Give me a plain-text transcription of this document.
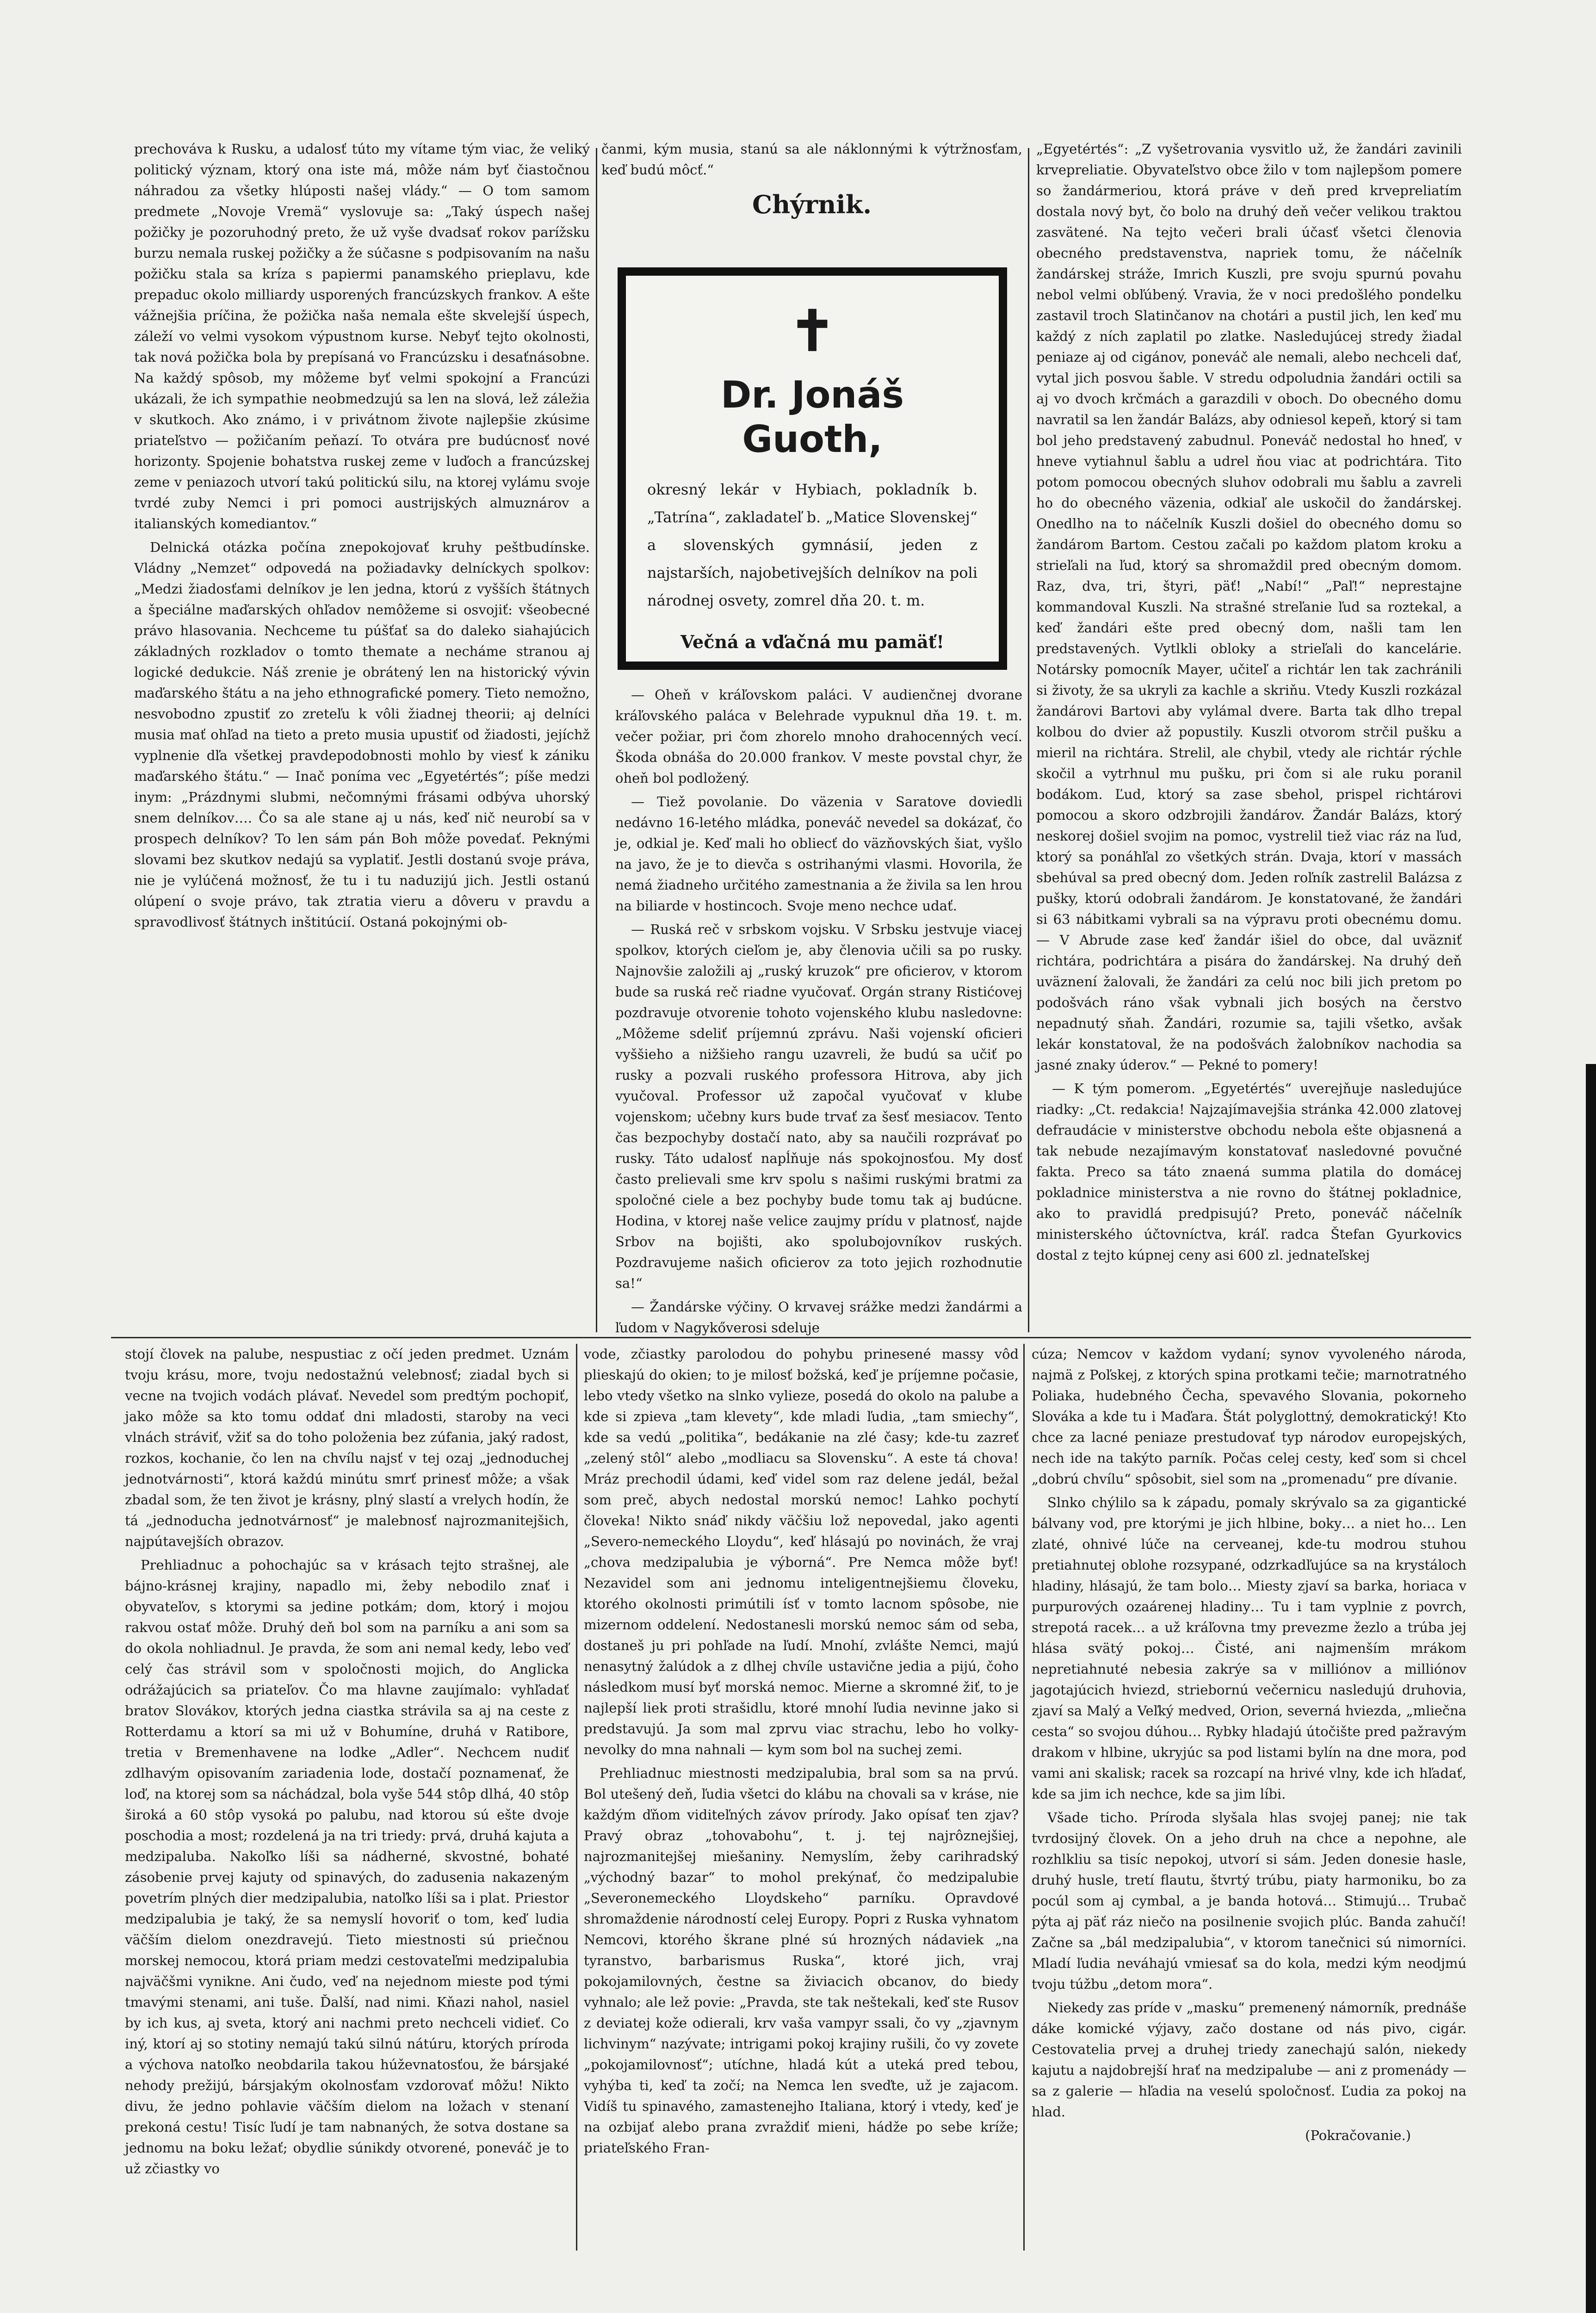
prechováva k Rusku, a udalosť túto my vítame tým viac, že veliký politický význam, ktorý ona iste má, môže nám byť čiastočnou náhradou za všetky hlúposti našej vlády.“ — O tom samom predmete „Novoje Vremä“ vyslovuje sa: „Taký úspech našej požičky je pozoruhodný preto, že už vyše dvadsať rokov parížsku burzu nemala ruskej požičky a že súčasne s podpisovaním na našu požičku stala sa kríza s papiermi panamského prieplavu, kde prepaduc okolo milliardy usporených francúzskych frankov. A ešte vážnejšia príčina, že požička naša nemala ešte skvelejší úspech, záleží vo velmi vysokom výpustnom kurse. Nebyť tejto okolnosti, tak nová požička bola by prepísaná vo Francúzsku i desaťnásobne. Na každý spôsob, my môžeme byť velmi spokojní a Francúzi ukázali, že ich sympathie neobmedzujú sa len na slová, lež záležia v skutkoch. Ako známo, i v privátnom živote najlepšie zkúsime priateľstvo — požičaním peňazí. To otvára pre budúcnosť nové horizonty. Spojenie bohatstva ruskej zeme v luďoch a francúzskej zeme v peniazoch utvorí takú politickú silu, na ktorej vylámu svoje tvrdé zuby Nemci i pri pomoci austrijských almuznárov a italianských komediantov.“

Delnická otázka počína znepokojovať kruhy peštbudínske. Vládny „Nemzet“ odpovedá na požiadavky delníckych spolkov: „Medzi žiadosťami delníkov je len jedna, ktorú z vyšších štátnych a špeciálne maďarských ohľadov nemôžeme si osvojiť: všeobecné právo hlasovania. Nechceme tu púšťať sa do daleko siahajúcich základných rozkladov o tomto themate a necháme stranou aj logické dedukcie. Náš zrenie je obrátený len na historický vývin maďarského štátu a na jeho ethnografické pomery. Tieto nemožno, nesvobodno zpustiť zo zreteľu k vôli žiadnej theorii; aj delníci musia mať ohľad na tieto a preto musia upustiť od žiadosti, jejíchž vyplnenie dľa všetkej pravdepodobnosti mohlo by viesť k zániku maďarského štátu.“ — Inač poníma vec „Egyetértés“; píše medzi inym: „Prázdnymi slubmi, nečomnými frásami odbýva uhorský snem delníkov…. Čo sa ale stane aj u nás, keď nič neurobí sa v prospech delníkov? To len sám pán Boh môže povedať. Peknými slovami bez skutkov nedajú sa vyplatiť. Jestli dostanú svoje práva, nie je vylúčená možnosť, že tu i tu naduzijú jich. Jestli ostanú olúpení o svoje právo, tak ztratia vieru a dôveru v pravdu a spravodlivosť štátnych inštitúcií. Ostaná pokojnými ob-

čanmi, kým musia, stanú sa ale náklonnými k výtržnosťam, keď budú môcť.“

Chýrnik.
✝
Dr. Jonáš Guoth,
okresný lekár v Hybiach, pokladník b. „Tatrína“, zakladateľ b. „Matice Slovenskej“ a slovenských gymnásií, jeden z najstarších, najobetivejších delníkov na poli národnej osvety, zomrel dňa 20. t. m.
Večná a vďačná mu pamäť!

— Oheň v kráľovskom paláci. V audienčnej dvorane kráľovského paláca v Belehrade vypuknul dňa 19. t. m. večer požiar, pri čom zhorelo mnoho drahocenných vecí. Škoda obnáša do 20.000 frankov. V meste povstal chyr, že oheň bol podložený.

— Tiež povolanie. Do väzenia v Saratove doviedli nedávno 16-letého mládka, poneváč nevedel sa dokázať, čo je, odkial je. Keď mali ho obliecť do väzňovských šiat, vyšlo na javo, že je to dievča s ostrihanými vlasmi. Hovorila, že nemá žiadneho určitého zamestnania a že živila sa len hrou na biliarde v hostincoch. Svoje meno nechce udať.

— Ruská reč v srbskom vojsku. V Srbsku jestvuje viacej spolkov, ktorých cieľom je, aby členovia učili sa po rusky. Najnovšie založili aj „ruský kruzok“ pre oficierov, v ktorom bude sa ruská reč riadne vyučovať. Orgán strany Ristićovej pozdravuje otvorenie tohoto vojenského klubu nasledovne: „Môžeme sdeliť príjemnú zprávu. Naši vojenskí oficieri vyššieho a nižšieho rangu uzavreli, že budú sa učiť po rusky a pozvali ruského professora Hitrova, aby jich vyučoval. Professor už započal vyučovať v klube vojenskom; učebny kurs bude trvať za šesť mesiacov. Tento čas bezpochyby dostačí nato, aby sa naučili rozprávať po rusky. Táto udalosť napĺňuje nás spokojnosťou. My dosť často prelievali sme krv spolu s našimi ruskými bratmi za spoločné ciele a bez pochyby bude tomu tak aj budúcne. Hodina, v ktorej naše velice zaujmy prídu v platnosť, najde Srbov na bojišti, ako spolubojovníkov ruských. Pozdravujeme našich oficierov za toto jejich rozhodnutie sa!“

— Žandárske výčiny. O krvavej srážke medzi žandármi a ľudom v Nagykőverosi sdeluje

„Egyetértés“: „Z vyšetrovania vysvitlo už, že žandári zavinili krvepreliatie. Obyvateľstvo obce žilo v tom najlepšom pomere so žandármeriou, ktorá práve v deň pred krvepreliatím dostala nový byt, čo bolo na druhý deň večer velikou traktou zasvätené. Na tejto večeri brali účasť všetci členovia obecného predstavenstva, napriek tomu, že náčelník žandárskej stráže, Imrich Kuszli, pre svoju spurnú povahu nebol velmi obľúbený. Vravia, že v noci predošlého pondelku zastavil troch Slatinčanov na chotári a pustil jich, len keď mu každý z ních zaplatil po zlatke. Nasledujúcej stredy žiadal peniaze aj od cigánov, poneváč ale nemali, alebo nechceli dať, vytal jich posvou šable. V stredu odpoludnia žandári octili sa aj vo dvoch krčmách a garazdili v oboch. Do obecného domu navratil sa len žandár Balázs, aby odniesol kepeň, ktorý si tam bol jeho predstavený zabudnul. Poneváč nedostal ho hneď, v hneve vytiahnul šablu a udrel ňou viac at podrichtára. Tito potom pomocou obecných sluhov odobrali mu šablu a zavreli ho do obecného väzenia, odkiaľ ale uskočil do žandárskej. Onedlho na to náčelník Kuszli došiel do obecného domu so žandárom Bartom. Cestou začali po každom platom kroku a strieľali na ľud, ktorý sa shromaždil pred obecným domom. Raz, dva, tri, štyri, päť! „Nabí!“ „Paľ!“ neprestajne kommandoval Kuszli. Na strašné streľanie ľud sa roztekal, a keď žandári ešte pred obecný dom, našli tam len predstavených. Vytlkli obloky a strieľali do kancelárie. Notársky pomocník Mayer, učiteľ a richtár len tak zachránili si životy, že sa ukryli za kachle a skriňu. Vtedy Kuszli rozkázal žandárovi Bartovi aby vylámal dvere. Barta tak dlho trepal kolbou do dvier až popustily. Kuszli otvorom strčil pušku a mieril na richtára. Strelil, ale chybil, vtedy ale richtár rýchle skočil a vytrhnul mu pušku, pri čom si ale ruku poranil bodákom. Ľud, ktorý sa zase sbehol, prispel richtárovi pomocou a skoro odzbrojili žandárov. Žandár Balázs, ktorý neskorej došiel svojim na pomoc, vystrelil tiež viac ráz na ľud, ktorý sa ponáhľal zo všetkých strán. Dvaja, ktorí v massách sbehúval sa pred obecný dom. Jeden roľník zastrelil Balázsa z pušky, ktorú odobrali žandárom. Je konstatované, že žandári si 63 nábitkami vybrali sa na výpravu proti obecnému domu. — V Abrude zase keď žandár išiel do obce, dal uväzniť richtára, podrichtára a pisára do žandárskej. Na druhý deň uväznení žalovali, že žandári za celú noc bili jich pretom po podošvách ráno však vybnali jich bosých na čerstvo nepadnutý sňah. Žandári, rozumie sa, tajili všetko, avšak lekár konstatoval, že na podošvách žalobníkov nachodia sa jasné znaky úderov.“ — Pekné to pomery!

— K tým pomerom. „Egyetértés“ uverejňuje nasledujúce riadky: „Ct. redakcia! Najzajímavejšia stránka 42.000 zlatovej defraudácie v ministerstve obchodu nebola ešte objasnená a tak nebude nezajímavým konstatovať nasledovné povučné fakta. Preco sa táto znaená summa platila do domácej pokladnice ministerstva a nie rovno do štátnej pokladnice, ako to pravidlá predpisujú? Preto, poneváč náčelník ministerského účtovníctva, kráľ. radca Štefan Gyurkovics dostal z tejto kúpnej ceny asi 600 zl. jednateľskej

stojí človek na palube, nespustiac z očí jeden predmet. Uznám tvoju krásu, more, tvoju nedostažnú velebnosť; ziadal bych si vecne na tvojich vodách plávať. Nevedel som predtým pochopiť, jako môže sa kto tomu oddať dni mladosti, staroby na veci vlnách stráviť, vžiť sa do toho položenia bez zúfania, jaký radost, rozkos, kochanie, čo len na chvílu najsť v tej ozaj „jednoduchej jednotvárnosti“, ktorá každú minútu smrť prinesť môže; a však zbadal som, že ten život je krásny, plný slastí a vrelych hodín, že tá „jednoducha jednotvárnosť“ je malebnosť najrozmanitejšich, najpútavejších obrazov.

Prehliadnuc a pohochajúc sa v krásach tejto strašnej, ale bájno-krásnej krajiny, napadlo mi, žeby nebodilo znať i obyvateľov, s ktorymi sa jedine potkám; dom, ktorý i mojou rakvou ostať môže. Druhý deň bol som na parníku a ani som sa do okola nohliadnul. Je pravda, že som ani nemal kedy, lebo veď celý čas strávil som v spoločnosti mojich, do Anglicka odrážajúcich sa priateľov. Čo ma hlavne zaujímalo: vyhľadať bratov Slovákov, ktorých jedna ciastka strávila sa aj na ceste z Rotterdamu a ktorí sa mi už v Bohumíne, druhá v Ratibore, tretia v Bremenhavene na lodke „Adler“. Nechcem nudiť zdlhavým opisovaním zariadenia lode, dostačí poznamenať, že loď, na ktorej som sa náchádzal, bola vyše 544 stôp dlhá, 40 stôp široká a 60 stôp vysoká po palubu, nad ktorou sú ešte dvoje poschodia a most; rozdelená ja na tri triedy: prvá, druhá kajuta a medzipaluba. Nakoľko líši sa nádherné, skvostné, bohaté zásobenie prvej kajuty od spinavých, do zadusenia nakazeným povetrím plných dier medzipalubia, natoľko líši sa i plat. Priestor medzipalubia je taký, že sa nemyslí hovoriť o tom, keď ludia väčším dielom onezdravejú. Tieto miestnosti sú priečnou morskej nemocou, ktorá priam medzi cestovateľmi medzipalubia najväčšmi vynikne. Ani čudo, veď na nejednom mieste pod tými tmavými stenami, ani tuše. Ďalší, nad nimi. Kňazi nahol, nasiel by ich kus, aj sveta, ktorý ani nachmi preto nechceli vidieť. Co iný, ktorí aj so stotiny nemajú takú silnú nátúru, ktorých príroda a výchova natoľko neobdarila takou húževnatosťou, že bársjaké nehody prežijú, bársjakým okolnosťam vzdorovať môžu! Nikto divu, že jedno pohlavie väčším dielom na ložach v stenaní prekoná cestu! Tisíc ľudí je tam nabnaných, že sotva dostane sa jednomu na boku ležať; obydlie súnikdy otvorené, poneváč je to už zčiastky vo

vode, zčiastky parolodou do pohybu prinesené massy vôd plieskajú do okien; to je milosť božská, keď je príjemne počasie, lebo vtedy všetko na slnko vylieze, posedá do okolo na palube a kde si zpieva „tam klevety“, kde mladi ľudia, „tam smiechy“, kde sa vedú „politika“, bedákanie na zlé časy; kde-tu zazreť „zelený stôl“ alebo „modliacu sa Slovensku“. A este tá chova! Mráz prechodil údami, keď videl som raz delene jedál, bežal som preč, abych nedostal morskú nemoc! Lahko pochytí človeka! Nikto snáď nikdy väčšiu lož nepovedal, jako agenti „Severo-nemeckého Lloydu“, keď hlásajú po novinách, že vraj „chova medzipalubia je výborná“. Pre Nemca môže byť! Nezavidel som ani jednomu inteligentnejšiemu človeku, ktorého okolnosti primútili ísť v tomto lacnom spôsobe, nie mizernom oddelení. Nedostanesli morskú nemoc sám od seba, dostaneš ju pri pohľade na ľudí. Mnohí, zvlášte Nemci, majú nenasytný žalúdok a z dlhej chvíle ustavične jedia a pijú, čoho následkom musí byť morská nemoc. Mierne a skromné žiť, to je najlepší liek proti strašidlu, ktoré mnohí ľudia nevinne jako si predstavujú. Ja som mal zprvu viac strachu, lebo ho volky-nevolky do mna nahnali — kym som bol na suchej zemi.

Prehliadnuc miestnosti medzipalubia, bral som sa na prvú. Bol utešený deň, ľudia všetci do klábu na chovali sa v kráse, nie každým ďňom viditeľných závov prírody. Jako opísať ten zjav? Pravý obraz „tohovabohu“, t. j. tej najrôznejšiej, najrozmanitejšej miešaniny. Nemyslím, žeby carihradský „východný bazar“ to mohol prekýnať, čo medzipalubie „Severonemeckého Lloydskeho“ parníku. Opravdové shromaždenie národností celej Europy. Popri z Ruska vyhnatom Nemcovi, ktorého škrane plné sú hrozných nádaviek „na tyranstvo, barbarismus Ruska“, ktoré jich, vraj pokojamilovných, čestne sa živiacich obcanov, do biedy vyhnalo; ale lež povie: „Pravda, ste tak neštekali, keď ste Rusov z deviatej kože odierali, krv vaša vampyr ssali, čo vy „zjavnym lichvinym“ nazývate; intrigami pokoj krajiny rušili, čo vy zovete „pokojamilovnosť“; utíchne, hladá kút a uteká pred tebou, vyhýba ti, keď ta zočí; na Nemca len sveďte, už je zajacom. Vidíš tu spinavého, zamastenejho Italiana, ktorý i vtedy, keď je na ozbijať alebo prana zvraždiť mieni, hádže po sebe kríže; priateľského Fran-

cúza; Nemcov v každom vydaní; synov vyvoleného národa, najmä z Poľskej, z ktorých spina protkami tečie; marnotratného Poliaka, hudebného Čecha, spevavého Slovania, pokorneho Slováka a kde tu i Maďara. Štát polyglottný, demokratický! Kto chce za lacné peniaze prestudovať typ národov europejských, nech ide na takýto parník. Počas celej cesty, keď som si chcel „dobrú chvílu“ spôsobit, siel som na „promenadu“ pre dívanie.

Slnko chýlilo sa k západu, pomaly skrývalo sa za gigantické bálvany vod, pre ktorými je jich hlbine, boky… a niet ho… Len zlaté, ohnivé lúče na cerveanej, kde-tu modrou stuhou pretiahnutej oblohe rozsypané, odzrkadľujúce sa na krystáloch hladiny, hlásajú, že tam bolo… Miesty zjaví sa barka, horiaca v purpurových ozaárenej hladiny… Tu i tam vyplnie z povrch, strepotá racek… a už kráľovna tmy prevezme žezlo a trúba jej hlása svätý pokoj… Čisté, ani najmenším mrákom nepretiahnuté nebesia zakrýe sa v milliónov a milliónov jagotajúcich hviezd, striebornú večernicu nasledujú druhovia, zjaví sa Malý a Veľký medved, Orion, severná hviezda, „mliečna cesta“ so svojou dúhou… Rybky hladajú útočište pred pažravým drakom v hlbine, ukryjúc sa pod listami bylín na dne mora, pod vami ani skalisk; racek sa rozcapí na hrivé vlny, kde ich hľadať, kde sa jim ich nechce, kde sa jim líbi.

Všade ticho. Príroda slyšala hlas svojej panej; nie tak tvrdosijný človek. On a jeho druh na chce a nepohne, ale rozhlkliu sa tisíc nepokoj, utvorí si sám. Jeden donesie hasle, druhý husle, tretí flautu, štvrtý trúbu, piaty harmoniku, bo za pocúl som aj cymbal, a je banda hotová… Stimujú… Trubač pýta aj päť ráz niečo na posilnenie svojich plúc. Banda zahučí! Začne sa „bál medzipalubia“, v ktorom tanečnici sú nimorníci. Mladí ľudia neváhajú vmiesať sa do kola, medzi kým neodjmú tvoju túžbu „detom mora“.

Niekedy zas príde v „masku“ premenený námorník, prednáše dáke komické výjavy, začo dostane od nás pivo, cigár. Cestovatelia prvej a druhej triedy zanechajú salón, niekedy kajutu a najdobrejší hrať na medzipalube — ani z promenády — sa z galerie — hľadia na veselú spoločnosť. Ľudia za pokoj na hlad.

(Pokračovanie.)
